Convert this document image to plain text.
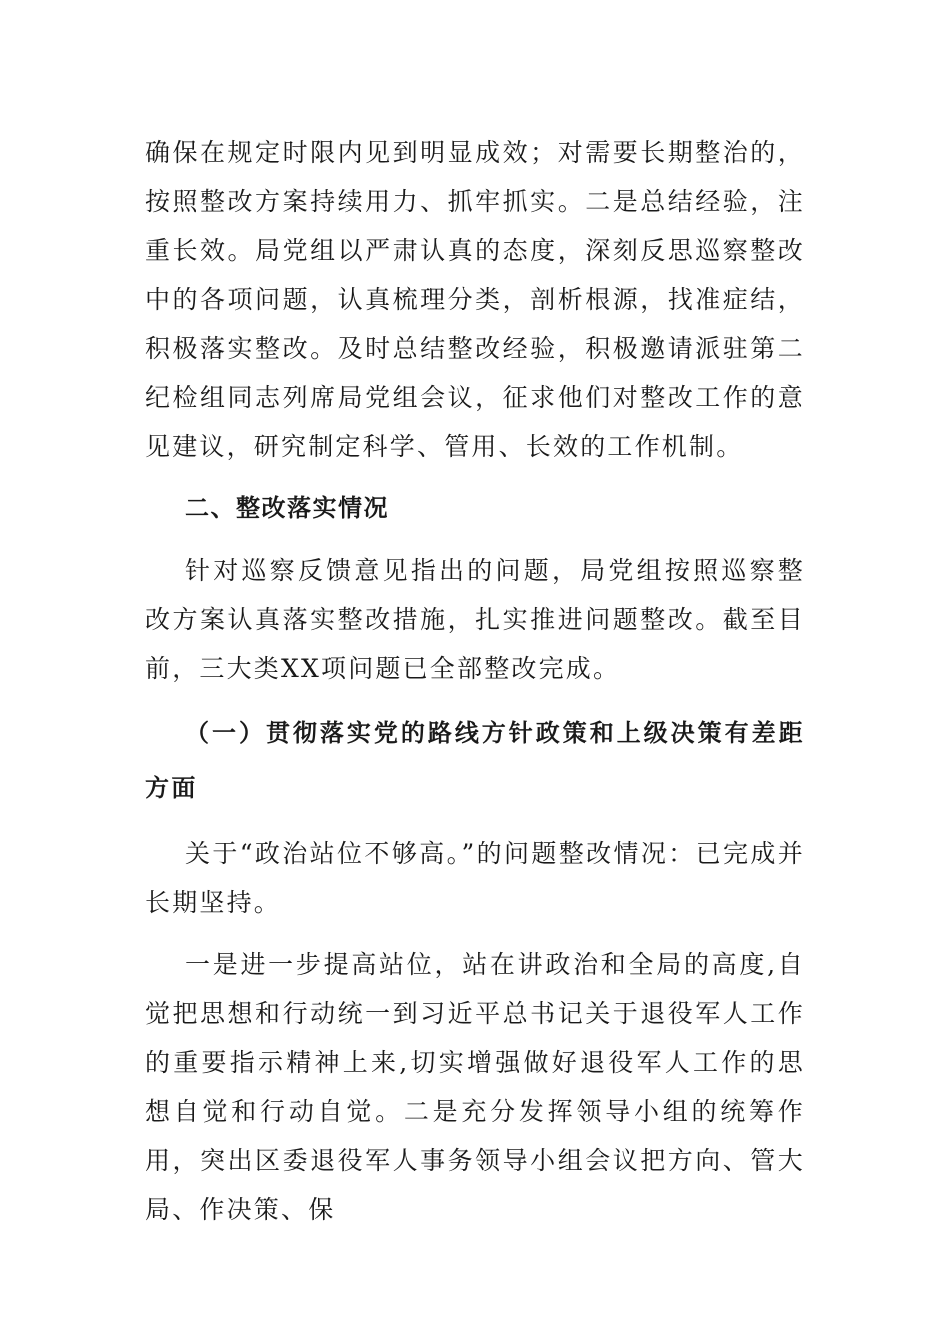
确保在规定时限内见到明显成效；对需要长期整治的，按照整改方案持续用力、抓牢抓实。二是总结经验，注重长效。局党组以严肃认真的态度，深刻反思巡察整改中的各项问题，认真梳理分类，剖析根源，找准症结，积极落实整改。及时总结整改经验，积极邀请派驻第二纪检组同志列席局党组会议，征求他们对整改工作的意见建议，研究制定科学、管用、长效的工作机制。

二、整改落实情况

针对巡察反馈意见指出的问题，局党组按照巡察整改方案认真落实整改措施，扎实推进问题整改。截至目前，三大类XX项问题已全部整改完成。

（一）贯彻落实党的路线方针政策和上级决策有差距方面

关于“政治站位不够高。”的问题整改情况：已完成并长期坚持。

一是进一步提高站位，站在讲政治和全局的高度,自觉把思想和行动统一到习近平总书记关于退役军人工作的重要指示精神上来,切实增强做好退役军人工作的思想自觉和行动自觉。二是充分发挥领导小组的统筹作用，突出区委退役军人事务领导小组会议把方向、管大局、作决策、保
